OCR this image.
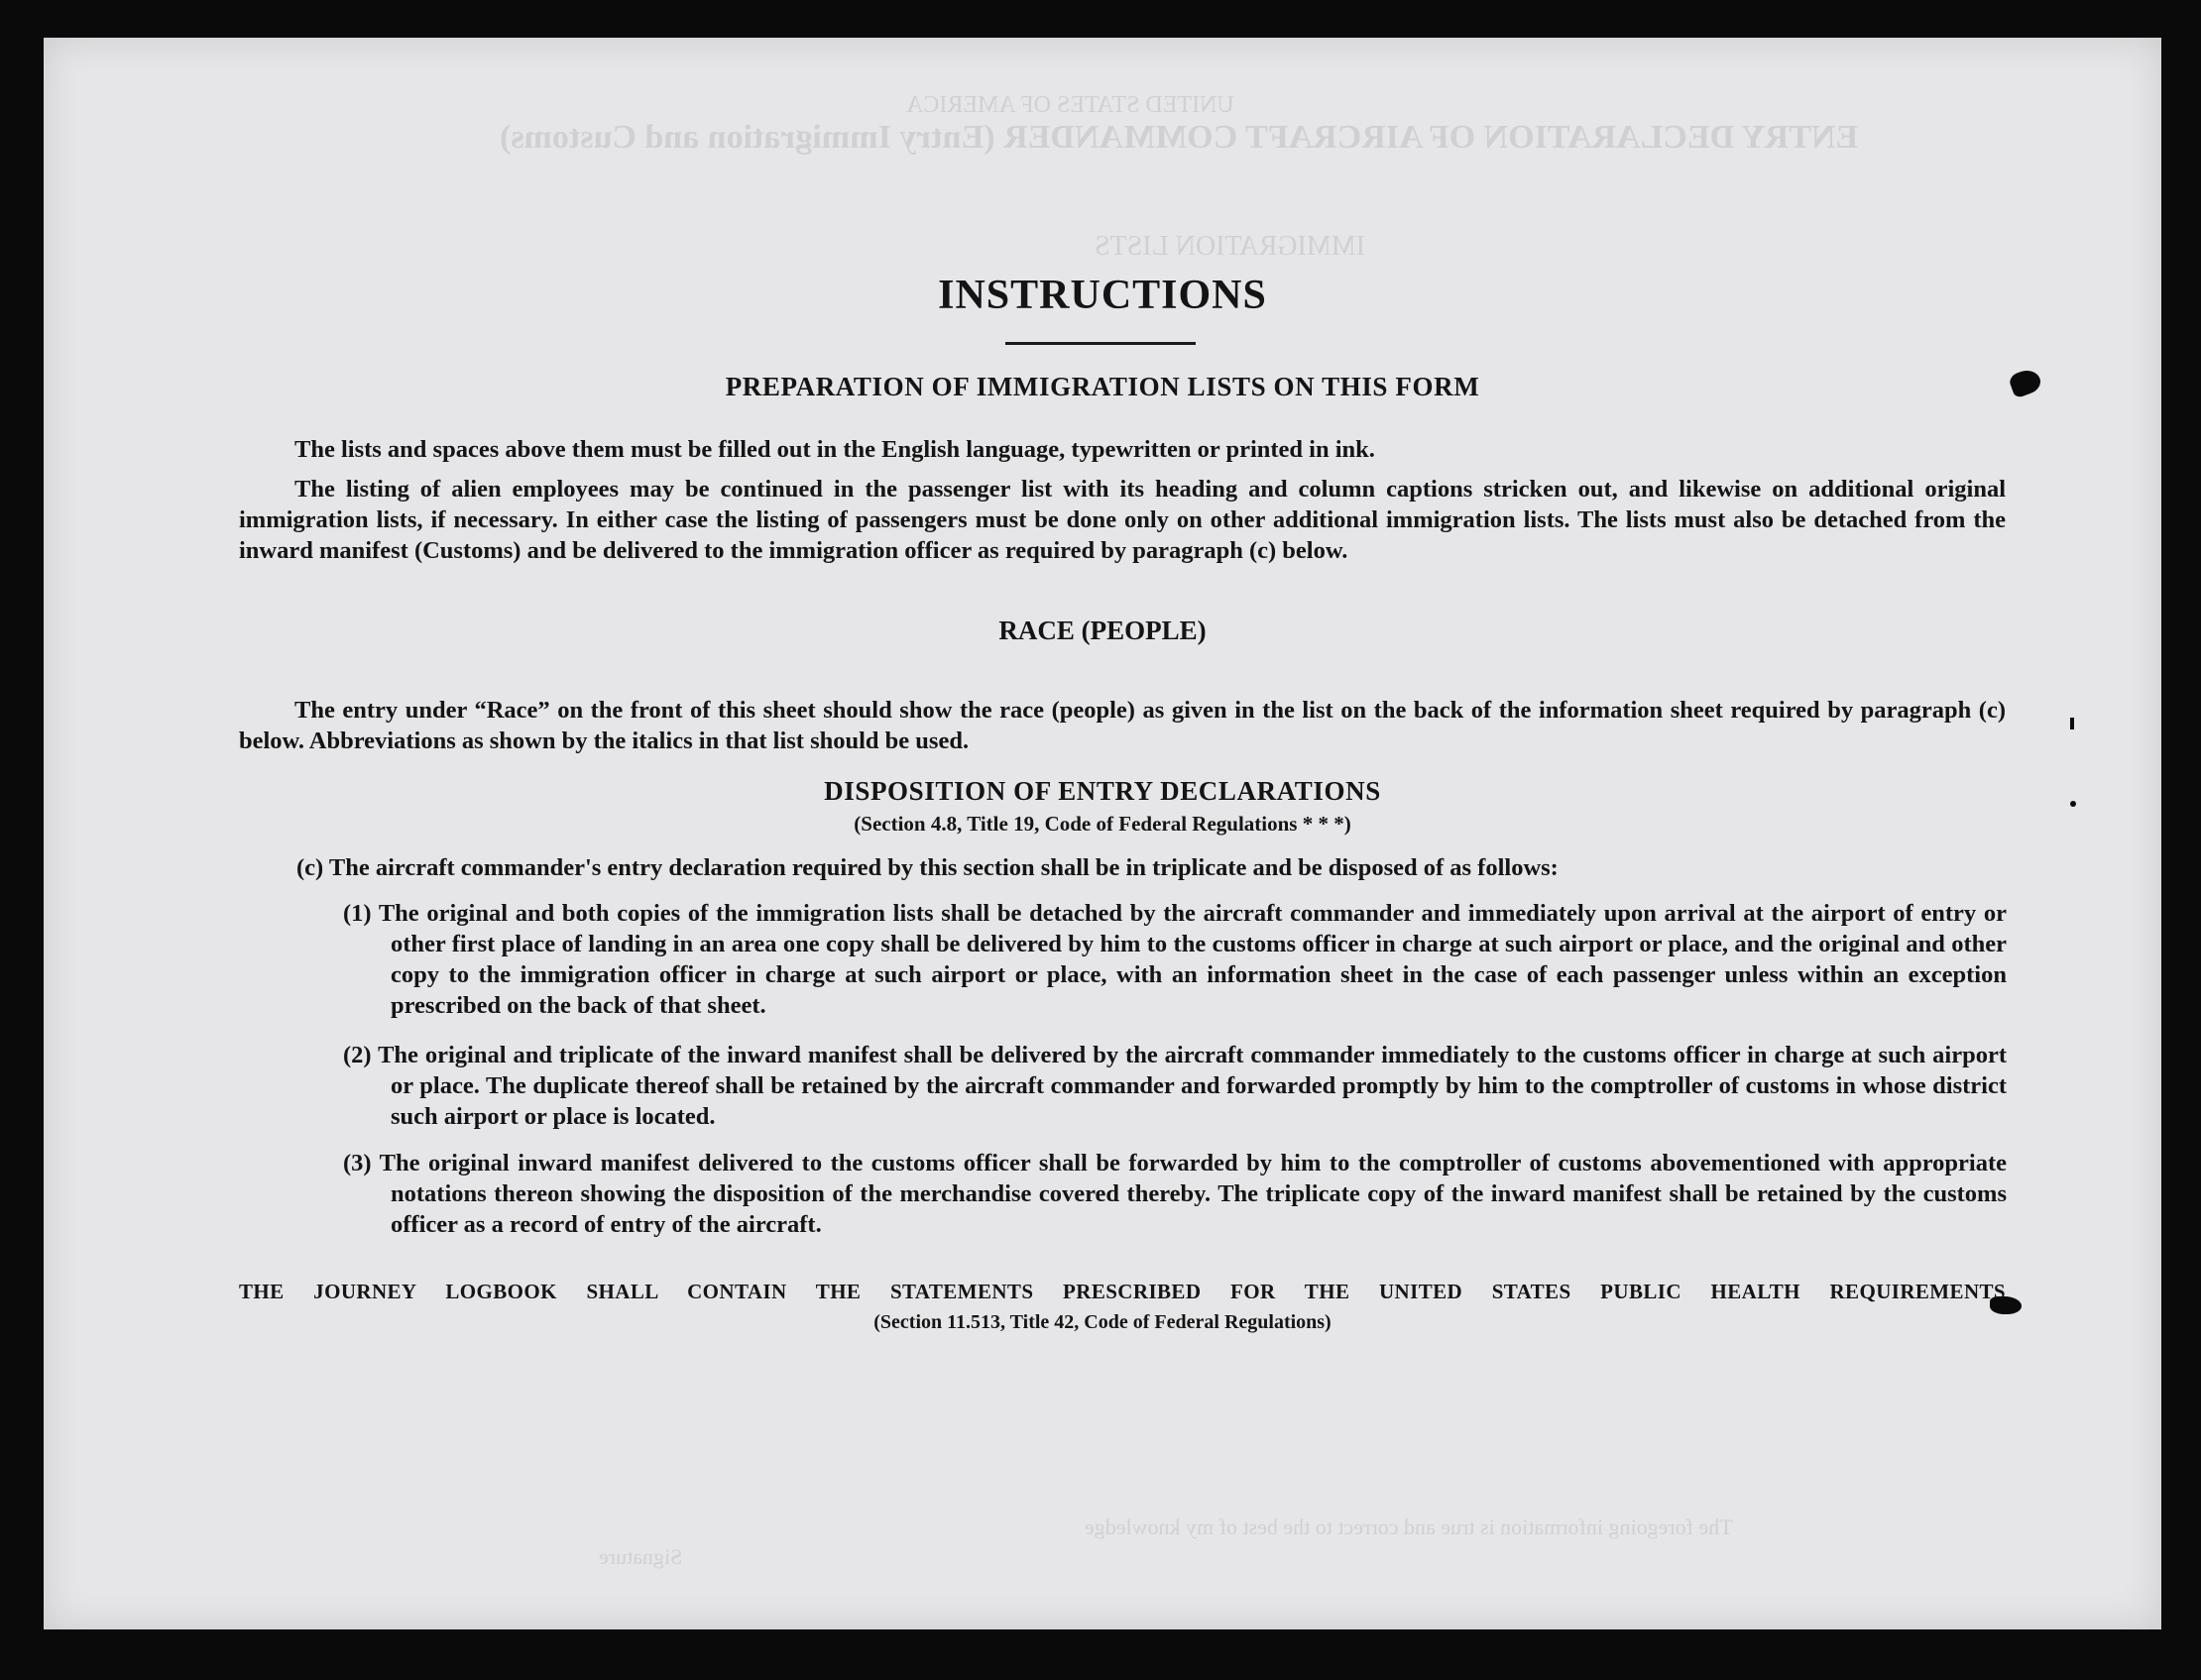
UNITED STATES OF AMERICA
ENTRY DECLARATION OF AIRCRAFT COMMANDER (Entry Immigration and Customs)
IMMIGRATION LISTS
The foregoing information is true and correct to the best of my knowledge
Signature
INSTRUCTIONS
PREPARATION OF IMMIGRATION LISTS ON THIS FORM

The lists and spaces above them must be filled out in the English language, typewritten or printed in ink.

The listing of alien employees may be continued in the passenger list with its heading and column captions stricken out, and likewise on additional original immigration lists, if necessary. In either case the listing of passengers must be done only on other additional immigration lists. The lists must also be detached from the inward manifest (Customs) and be delivered to the immigration officer as required by paragraph (c) below.

RACE (PEOPLE)

The entry under “Race” on the front of this sheet should show the race (people) as given in the list on the back of the information sheet required by paragraph (c) below. Abbreviations as shown by the italics in that list should be used.

DISPOSITION OF ENTRY DECLARATIONS

(Section 4.8, Title 19, Code of Federal Regulations * * *)

(c) The aircraft commander's entry declaration required by this section shall be in triplicate and be disposed of as follows:

(1) The original and both copies of the immigration lists shall be detached by the aircraft commander and immediately upon arrival at the airport of entry or other first place of landing in an area one copy shall be delivered by him to the customs officer in charge at such airport or place, and the original and other copy to the immigration officer in charge at such airport or place, with an information sheet in the case of each passenger unless within an exception prescribed on the back of that sheet.

(2) The original and triplicate of the inward manifest shall be delivered by the aircraft commander immediately to the customs officer in charge at such airport or place. The duplicate thereof shall be retained by the aircraft commander and forwarded promptly by him to the comptroller of customs in whose district such airport or place is located.

(3) The original inward manifest delivered to the customs officer shall be forwarded by him to the comptroller of customs abovementioned with appropriate notations thereon showing the disposition of the merchandise covered thereby. The triplicate copy of the inward manifest shall be retained by the customs officer as a record of entry of the aircraft.

THE JOURNEY LOGBOOK SHALL CONTAIN THE STATEMENTS PRESCRIBED FOR THE UNITED STATES PUBLIC HEALTH REQUIREMENTS

(Section 11.513, Title 42, Code of Federal Regulations)
